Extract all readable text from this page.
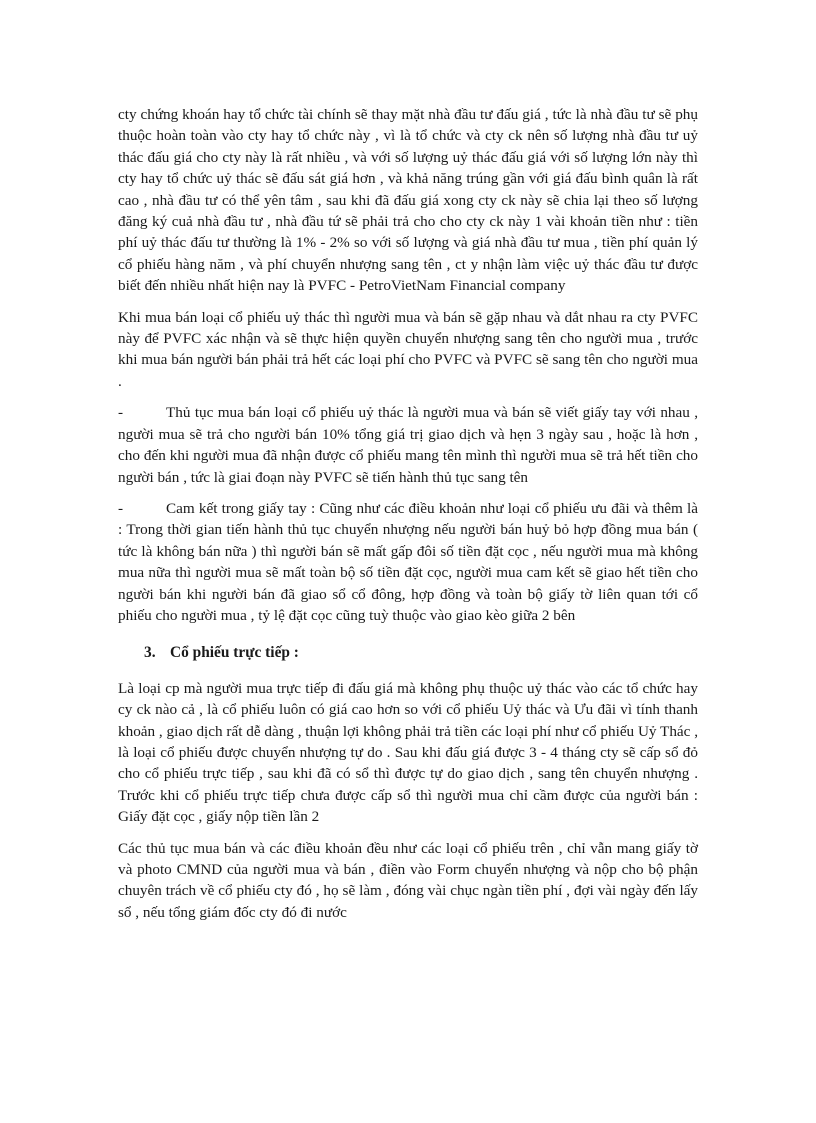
cty chứng khoán hay tổ chức tài chính sẽ thay mặt nhà đầu tư đấu giá , tức là nhà đầu tư sẽ phụ thuộc hoàn toàn vào cty hay tổ chức này , vì là tổ chức và cty ck nên số lượng nhà đầu tư uỷ thác đấu giá cho cty này là rất nhiều , và với số lượng uỷ thác đấu giá với số lượng lớn này thì cty hay tổ chức uỷ thác sẽ đấu sát giá hơn , và khả năng trúng gần với giá đấu bình quân là rất cao , nhà đầu tư có thể yên tâm , sau khi đã đấu giá xong cty ck này sẽ chia lại theo số lượng đăng ký cuả nhà đầu tư , nhà đầu tứ sẽ phải trả cho cho cty ck này 1 vài khoản tiền như : tiền phí uỷ thác đấu tư thường là 1% - 2% so với số lượng và giá nhà đầu tư mua , tiền phí quản lý cổ phiếu hàng năm , và phí chuyển nhượng sang tên , ct y nhận làm việc uỷ thác đầu tư được biết đến nhiều nhất hiện nay là PVFC - PetroVietNam Financial company

Khi mua bán loại cổ phiếu uỷ thác thì người mua và bán sẽ gặp nhau và dắt nhau ra cty PVFC này để PVFC xác nhận và sẽ thực hiện quyền chuyển nhượng sang tên cho người mua , trước khi mua bán người bán phải trả hết các loại phí cho PVFC và PVFC sẽ sang tên cho người mua .

-	Thủ tục mua bán loại cổ phiếu uỷ thác là người mua và bán sẽ viết giấy tay với nhau , người mua sẽ trả cho người bán 10% tổng giá trị giao dịch và hẹn 3 ngày sau , hoặc là hơn , cho đến khi người mua đã nhận được cổ phiếu mang tên mình thì người mua sẽ trả hết tiền cho người bán , tức là giai đoạn này PVFC sẽ tiến hành thủ tục sang tên

-	Cam kết trong giấy tay : Cũng như các điều khoản như loại cổ phiếu ưu đãi và thêm là : Trong thời gian tiến hành thủ tục chuyển nhượng nếu người bán huỷ bỏ hợp đồng mua bán ( tức là không bán nữa ) thì người bán sẽ mất gấp đôi số tiền đặt cọc , nếu người mua mà không mua nữa thì người mua sẽ mất toàn bộ số tiền đặt cọc, người mua cam kết sẽ giao hết tiền cho người bán khi người bán đã giao sổ cổ đông, hợp đồng và toàn bộ giấy tờ liên quan tới cổ phiếu cho người mua , tỷ lệ đặt cọc cũng tuỳ thuộc vào giao kèo giữa 2 bên

3. Cổ phiếu trực tiếp :

Là loại cp mà người mua trực tiếp đi đấu giá mà không phụ thuộc uỷ thác vào các tổ chức hay cy ck nào cả , là cổ phiếu luôn có giá cao hơn so với cổ phiếu Uỷ thác và Ưu đãi vì tính thanh khoản , giao dịch rất dễ dàng , thuận lợi không phải trả tiền các loại phí như cổ phiếu Uỷ Thác , là loại cổ phiếu được chuyển nhượng tự do . Sau khi đấu giá được 3 - 4 tháng cty sẽ cấp sổ đỏ cho cổ phiếu trực tiếp , sau khi đã có sổ thì được tự do giao dịch , sang tên chuyển nhượng . Trước khi cổ phiếu trực tiếp chưa được cấp sổ thì người mua chỉ cầm được của người bán : Giấy đặt cọc , giấy nộp tiền lần 2

Các thủ tục mua bán và các điều khoản đều như các loại cổ phiếu trên , chỉ vẫn mang giấy tờ và photo CMND của người mua và bán , điền vào Form chuyển nhượng và nộp cho bộ phận chuyên trách về cổ phiếu cty đó , họ sẽ làm , đóng vài chục ngàn tiền phí , đợi vài ngày đến lấy sổ , nếu tổng giám đốc cty đó đi nước
